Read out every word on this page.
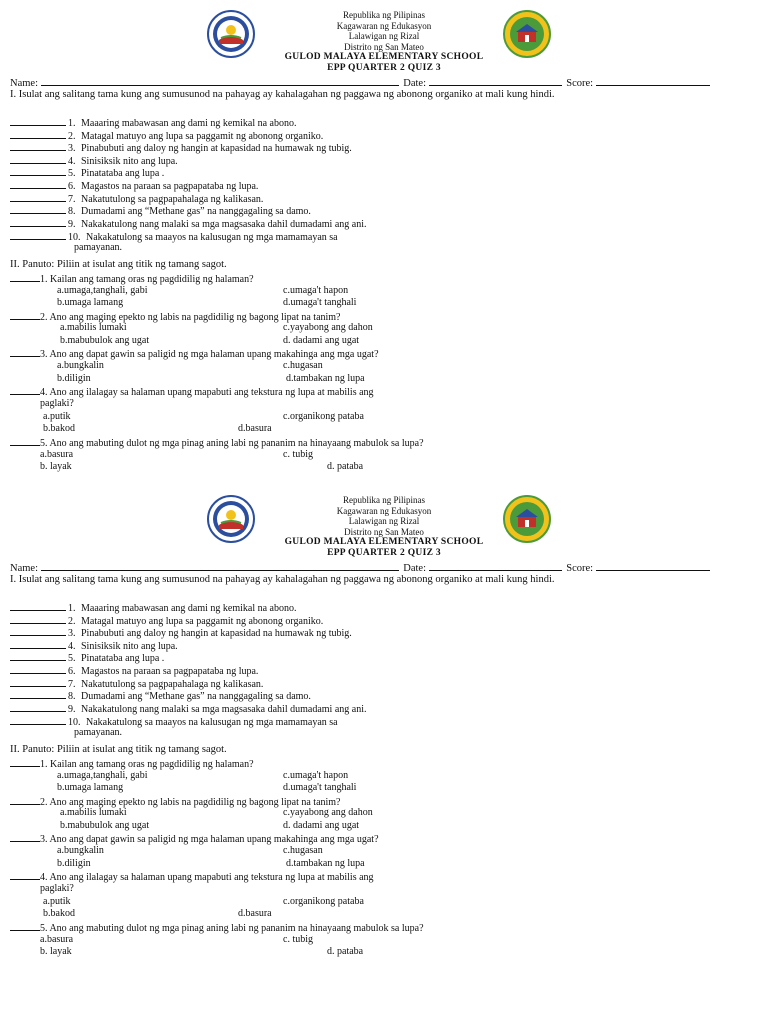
Republika ng Pilipinas
Kagawaran ng Edukasyon
Lalawigan ng Rizal
Distrito ng San Mateo
GULOD MALAYA ELEMENTARY SCHOOL
EPP QUARTER 2 QUIZ 3
Name:	Date:	Score:
I. Isulat ang salitang tama kung ang sumusunod na pahayag ay kahalagahan ng paggawa ng abonong organiko at mali kung hindi.
1. Maaaring mabawasan ang dami ng kemikal na abono.
2. Matagal matuyo ang lupa sa paggamit ng abonong organiko.
3. Pinabubuti ang daloy ng hangin at kapasidad na humawak ng tubig.
4. Sinisiksik nito ang lupa.
5. Pinatataba ang lupa .
6. Magastos na paraan sa pagpapataba ng lupa.
7. Nakatutulong sa pagpapahalaga ng kalikasan.
8. Dumadami ang “Methane gas” na nanggagaling sa damo.
9. Nakakatulong nang malaki sa mga magsasaka dahil dumadami ang ani.
10. Nakakatulong sa maayos na kalusugan ng mga mamamayan sa
pamayanan.
II. Panuto: Piliin at isulat ang titik ng tamang sagot.
1. Kailan ang tamang oras ng pagdidilig ng halaman?
a.umaga,tanghali, gabi	c.umaga't hapon
b.umaga lamang	d.umaga't tanghali
2. Ano ang maging epekto ng labis na pagdidilig ng bagong lipat na tanim?
a.mabilis lumaki	c.yayabong ang dahon
b.mabubulok ang ugat	d. dadami ang ugat
3. Ano ang dapat gawin sa paligid ng mga halaman upang makahinga ang mga ugat?
a.bungkalin	c.hugasan
b.diligin	d.tambakan ng lupa
4. Ano ang ilalagay sa halaman upang mapabuti ang tekstura ng lupa at mabilis ang
paglaki?
a.putik	c.organikong pataba
b.bakod	d.basura
5. Ano ang mabuting dulot ng mga pinag aning labi ng pananim na hinayaang mabulok sa lupa?
a.basura	c. tubig
b. layak	d. pataba
Republika ng Pilipinas
Kagawaran ng Edukasyon
Lalawigan ng Rizal
Distrito ng San Mateo
GULOD MALAYA ELEMENTARY SCHOOL
EPP QUARTER 2 QUIZ 3
Name:	Date:	Score:
I. Isulat ang salitang tama kung ang sumusunod na pahayag ay kahalagahan ng paggawa ng abonong organiko at mali kung hindi.
1. Maaaring mabawasan ang dami ng kemikal na abono.
2. Matagal matuyo ang lupa sa paggamit ng abonong organiko.
3. Pinabubuti ang daloy ng hangin at kapasidad na humawak ng tubig.
4. Sinisiksik nito ang lupa.
5. Pinatataba ang lupa .
6. Magastos na paraan sa pagpapataba ng lupa.
7. Nakatutulong sa pagpapahalaga ng kalikasan.
8. Dumadami ang “Methane gas” na nanggagaling sa damo.
9. Nakakatulong nang malaki sa mga magsasaka dahil dumadami ang ani.
10. Nakakatulong sa maayos na kalusugan ng mga mamamayan sa
pamayanan.
II. Panuto: Piliin at isulat ang titik ng tamang sagot.
1. Kailan ang tamang oras ng pagdidilig ng halaman?
a.umaga,tanghali, gabi	c.umaga't hapon
b.umaga lamang	d.umaga't tanghali
2. Ano ang maging epekto ng labis na pagdidilig ng bagong lipat na tanim?
a.mabilis lumaki	c.yayabong ang dahon
b.mabubulok ang ugat	d. dadami ang ugat
3. Ano ang dapat gawin sa paligid ng mga halaman upang makahinga ang mga ugat?
a.bungkalin	c.hugasan
b.diligin	d.tambakan ng lupa
4. Ano ang ilalagay sa halaman upang mapabuti ang tekstura ng lupa at mabilis ang
paglaki?
a.putik	c.organikong pataba
b.bakod	d.basura
5. Ano ang mabuting dulot ng mga pinag aning labi ng pananim na hinayaang mabulok sa lupa?
a.basura	c. tubig
b. layak	d. pataba
